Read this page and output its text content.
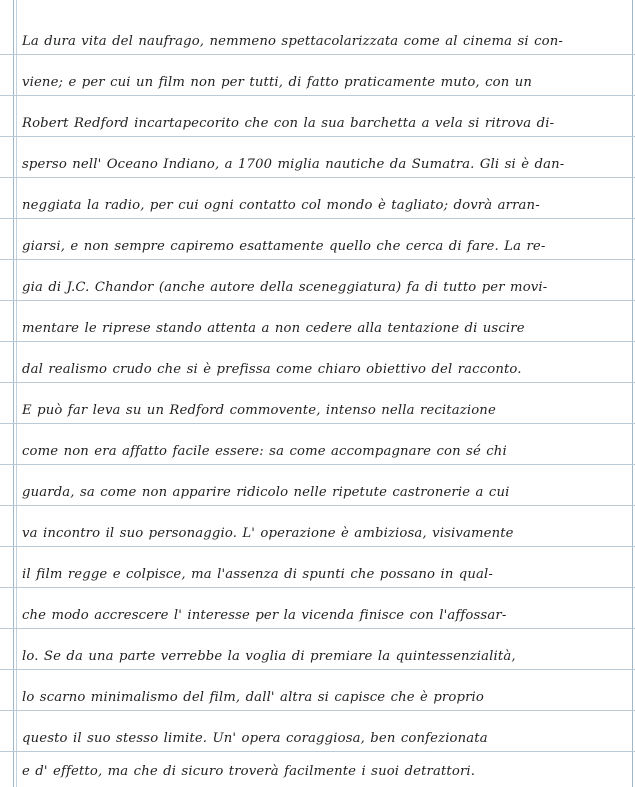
La dura vita del naufrago, nemmeno spettacolarizzata come al cinema si con-
viene; e per cui un film non per tutti, di fatto praticamente muto, con un
Robert Redford incartapecorito che con la sua barchetta a vela si ritrova di-
sperso nell' Oceano Indiano, a 1700 miglia nautiche da Sumatra. Gli si è dan-
neggiata la radio, per cui ogni contatto col mondo è tagliato; dovrà arran-
giarsi, e non sempre capiremo esattamente quello che cerca di fare. La re-
gia di J.C. Chandor (anche autore della sceneggiatura) fa di tutto per movi-
mentare le riprese stando attenta a non cedere alla tentazione di uscire
dal realismo crudo che si è prefissa come chiaro obiettivo del racconto.
E può far leva su un Redford commovente, intenso nella recitazione
come non era affatto facile essere: sa come accompagnare con sé chi
guarda, sa come non apparire ridicolo nelle ripetute castronerie a cui
va incontro il suo personaggio. L' operazione è ambiziosa, visivamente
il film regge e colpisce, ma l'assenza di spunti che possano in qual-
che modo accrescere l' interesse per la vicenda finisce con l'affossar-
lo. Se da una parte verrebbe la voglia di premiare la quintessenzialità,
lo scarno minimalismo del film, dall' altra si capisce che è proprio
questo il suo stesso limite. Un' opera coraggiosa, ben confezionata
e d' effetto, ma che di sicuro troverà facilmente i suoi detrattori.
